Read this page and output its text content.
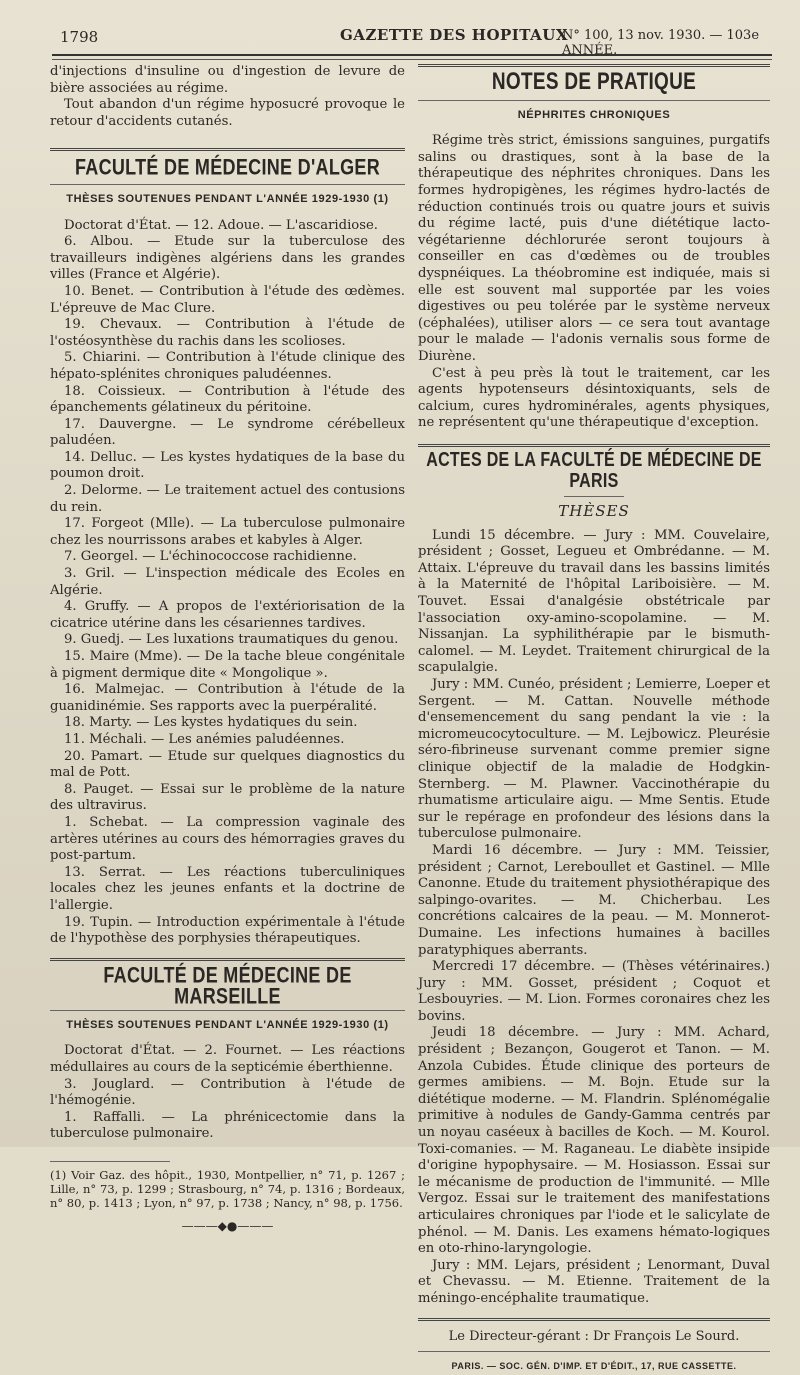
1798	GAZETTE DES HOPITAUX
N° 100, 13 nov. 1930. — 103e ANNÉE.

d'injections d'insuline ou d'ingestion de levure de bière associées au régime.

Tout abandon d'un régime hyposucré provoque le retour d'accidents cutanés.

FACULTÉ DE MÉDECINE D'ALGER
THÈSES SOUTENUES PENDANT L'ANNÉE 1929-1930 (1)

Doctorat d'État. — 12. Adoue. — L'ascaridiose.

6. Albou. — Etude sur la tuberculose des travailleurs indigènes algériens dans les grandes villes (France et Algérie).

10. Benet. — Contribution à l'étude des œdèmes. L'épreuve de Mac Clure.

19. Chevaux. — Contribution à l'étude de l'ostéosynthèse du rachis dans les scolioses.

5. Chiarini. — Contribution à l'étude clinique des hépato-splénites chroniques paludéennes.

18. Coissieux. — Contribution à l'étude des épanchements gélatineux du péritoine.

17. Dauvergne. — Le syndrome cérébelleux paludéen.

14. Delluc. — Les kystes hydatiques de la base du poumon droit.

2. Delorme. — Le traitement actuel des contusions du rein.

17. Forgeot (Mlle). — La tuberculose pulmonaire chez les nourrissons arabes et kabyles à Alger.

7. Georgel. — L'échinococcose rachidienne.

3. Gril. — L'inspection médicale des Ecoles en Algérie.

4. Gruffy. — A propos de l'extériorisation de la cicatrice utérine dans les césariennes tardives.

9. Guedj. — Les luxations traumatiques du genou.

15. Maire (Mme). — De la tache bleue congénitale à pigment dermique dite « Mongolique ».

16. Malmejac. — Contribution à l'étude de la guanidinémie. Ses rapports avec la puerpéralité.

18. Marty. — Les kystes hydatiques du sein.

11. Méchali. — Les anémies paludéennes.

20. Pamart. — Etude sur quelques diagnostics du mal de Pott.

8. Pauget. — Essai sur le problème de la nature des ultravirus.

1. Schebat. — La compression vaginale des artères utérines au cours des hémorragies graves du post-partum.

13. Serrat. — Les réactions tuberculiniques locales chez les jeunes enfants et la doctrine de l'allergie.

19. Tupin. — Introduction expérimentale à l'étude de l'hypothèse des porphysies thérapeutiques.

FACULTÉ DE MÉDECINE DE MARSEILLE
THÈSES SOUTENUES PENDANT L'ANNÉE 1929-1930 (1)

Doctorat d'État. — 2. Fournet. — Les réactions médullaires au cours de la septicémie éberthienne.

3. Jouglard. — Contribution à l'étude de l'hémogénie.

1. Raffalli. — La phrénicectomie dans la tuberculose pulmonaire.

(1) Voir Gaz. des hôpit., 1930, Montpellier, n° 71, p. 1267 ; Lille, n° 73, p. 1299 ; Strasbourg, n° 74, p. 1316 ; Bordeaux, n° 80, p. 1413 ; Lyon, n° 97, p. 1738 ; Nancy, n° 98, p. 1756.

———◆●———
NOTES DE PRATIQUE
NÉPHRITES CHRONIQUES

Régime très strict, émissions sanguines, purgatifs salins ou drastiques, sont à la base de la thérapeutique des néphrites chroniques. Dans les formes hydropigènes, les régimes hydro-lactés de réduction continués trois ou quatre jours et suivis du régime lacté, puis d'une diététique lacto-végétarienne déchlorurée seront toujours à conseiller en cas d'œdèmes ou de troubles dyspnéiques. La théobromine est indiquée, mais si elle est souvent mal supportée par les voies digestives ou peu tolérée par le système nerveux (céphalées), utiliser alors — ce sera tout avantage pour le malade — l'adonis vernalis sous forme de Diurène.

C'est à peu près là tout le traitement, car les agents hypotenseurs désintoxiquants, sels de calcium, cures hydrominérales, agents physiques, ne représentent qu'une thérapeutique d'exception.

ACTES DE LA FACULTÉ DE MÉDECINE DE PARIS
THÈSES

Lundi 15 décembre. — Jury : MM. Couvelaire, président ; Gosset, Legueu et Ombrédanne. — M. Attaix. L'épreuve du travail dans les bassins limités à la Maternité de l'hôpital Lariboisière. — M. Touvet. Essai d'analgésie obstétricale par l'association oxy-amino-scopolamine. — M. Nissanjan. La syphilithérapie par le bismuth-calomel. — M. Leydet. Traitement chirurgical de la scapulalgie.

Jury : MM. Cunéo, président ; Lemierre, Loeper et Sergent. — M. Cattan. Nouvelle méthode d'ensemencement du sang pendant la vie : la micromeucocytoculture. — M. Lejbowicz. Pleurésie séro-fibrineuse survenant comme premier signe clinique objectif de la maladie de Hodgkin-Sternberg. — M. Plawner. Vaccinothérapie du rhumatisme articulaire aigu. — Mme Sentis. Etude sur le repérage en profondeur des lésions dans la tuberculose pulmonaire.

Mardi 16 décembre. — Jury : MM. Teissier, président ; Carnot, Lereboullet et Gastinel. — Mlle Canonne. Etude du traitement physiothérapique des salpingo-ovarites. — M. Chicherbau. Les concrétions calcaires de la peau. — M. Monnerot-Dumaine. Les infections humaines à bacilles paratyphiques aberrants.

Mercredi 17 décembre. — (Thèses vétérinaires.) Jury : MM. Gosset, président ; Coquot et Lesbouyries. — M. Lion. Formes coronaires chez les bovins.

Jeudi 18 décembre. — Jury : MM. Achard, président ; Bezançon, Gougerot et Tanon. — M. Anzola Cubides. Étude clinique des porteurs de germes amibiens. — M. Bojn. Etude sur la diététique moderne. — M. Flandrin. Splénomégalie primitive à nodules de Gandy-Gamma centrés par un noyau caséeux à bacilles de Koch. — M. Kourol. Toxi-comanies. — M. Raganeau. Le diabète insipide d'origine hypophysaire. — M. Hosiasson. Essai sur le mécanisme de production de l'immunité. — Mlle Vergoz. Essai sur le traitement des manifestations articulaires chroniques par l'iode et le salicylate de phénol. — M. Danis. Les examens hémato-logiques en oto-rhino-laryngologie.

Jury : MM. Lejars, président ; Lenormant, Duval et Chevassu. — M. Etienne. Traitement de la méningo-encéphalite traumatique.

Le Directeur-gérant : Dr François Le Sourd.
PARIS. — SOC. GÉN. D'IMP. ET D'ÉDIT., 17, RUE CASSETTE.
